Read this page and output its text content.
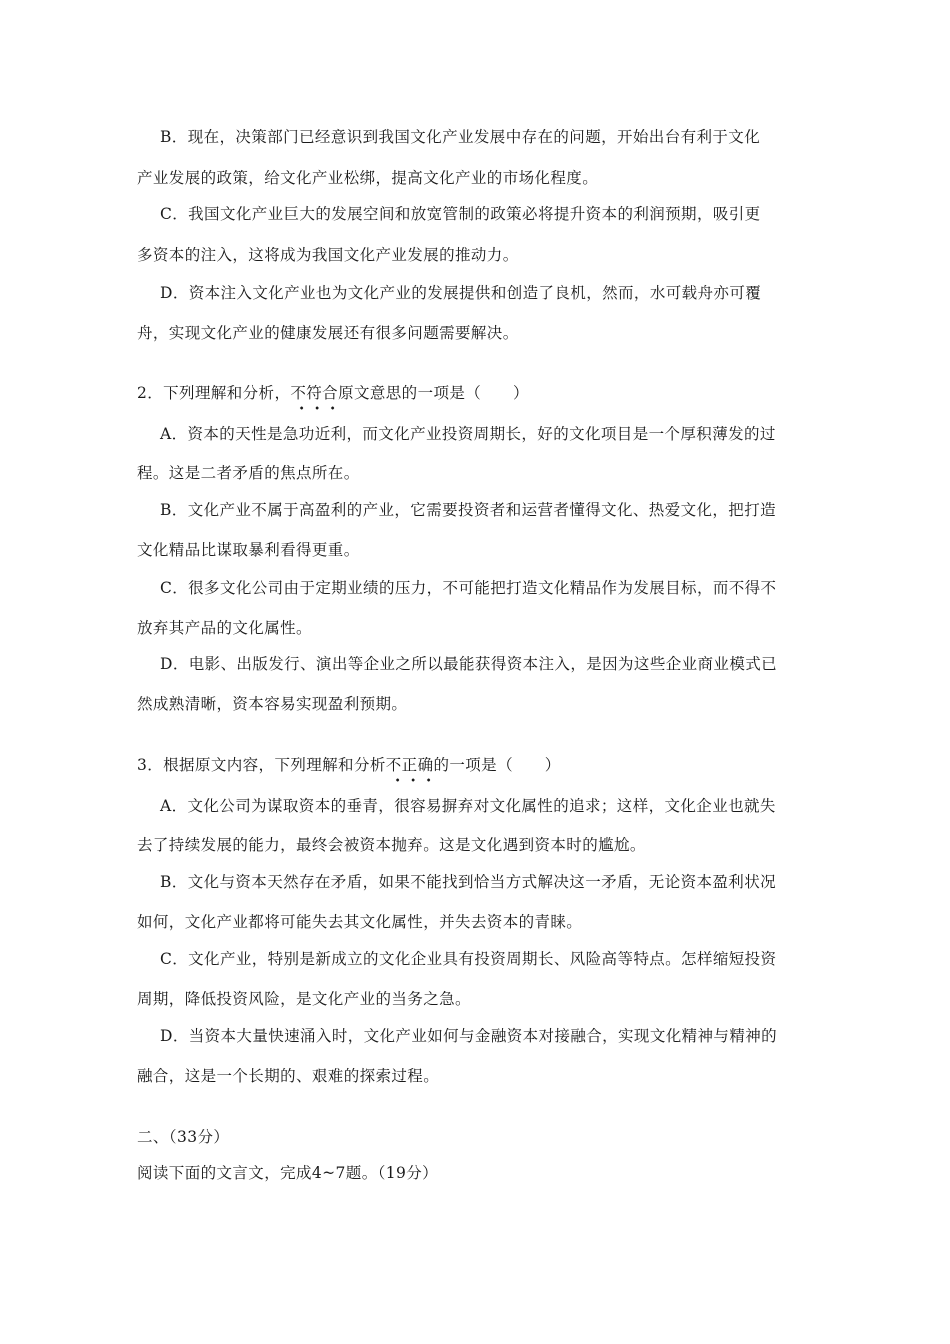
B．现在，决策部门已经意识到我国文化产业发展中存在的问题，开始出台有利于文化
产业发展的政策，给文化产业松绑，提高文化产业的市场化程度。
C．我国文化产业巨大的发展空间和放宽管制的政策必将提升资本的利润预期，吸引更
多资本的注入，这将成为我国文化产业发展的推动力。
D．资本注入文化产业也为文化产业的发展提供和创造了良机，然而，水可载舟亦可覆
舟，实现文化产业的健康发展还有很多问题需要解决。
2．下列理解和分析，不符合原文意思的一项是（　　）
A．资本的天性是急功近利，而文化产业投资周期长，好的文化项目是一个厚积薄发的过
程。这是二者矛盾的焦点所在。
B．文化产业不属于高盈利的产业，它需要投资者和运营者懂得文化、热爱文化，把打造
文化精品比谋取暴利看得更重。
C．很多文化公司由于定期业绩的压力，不可能把打造文化精品作为发展目标，而不得不
放弃其产品的文化属性。
D．电影、出版发行、演出等企业之所以最能获得资本注入，是因为这些企业商业模式已
然成熟清晰，资本容易实现盈利预期。
3．根据原文内容，下列理解和分析不正确的一项是（　　）
A．文化公司为谋取资本的垂青，很容易摒弃对文化属性的追求；这样，文化企业也就失
去了持续发展的能力，最终会被资本抛弃。这是文化遇到资本时的尴尬。
B．文化与资本天然存在矛盾，如果不能找到恰当方式解决这一矛盾，无论资本盈利状况
如何，文化产业都将可能失去其文化属性，并失去资本的青睐。
C．文化产业，特别是新成立的文化企业具有投资周期长、风险高等特点。怎样缩短投资
周期，降低投资风险，是文化产业的当务之急。
D．当资本大量快速涌入时，文化产业如何与金融资本对接融合，实现文化精神与精神的
融合，这是一个长期的、艰难的探索过程。
二、（33分）
阅读下面的文言文，完成4~7题。（19分）
